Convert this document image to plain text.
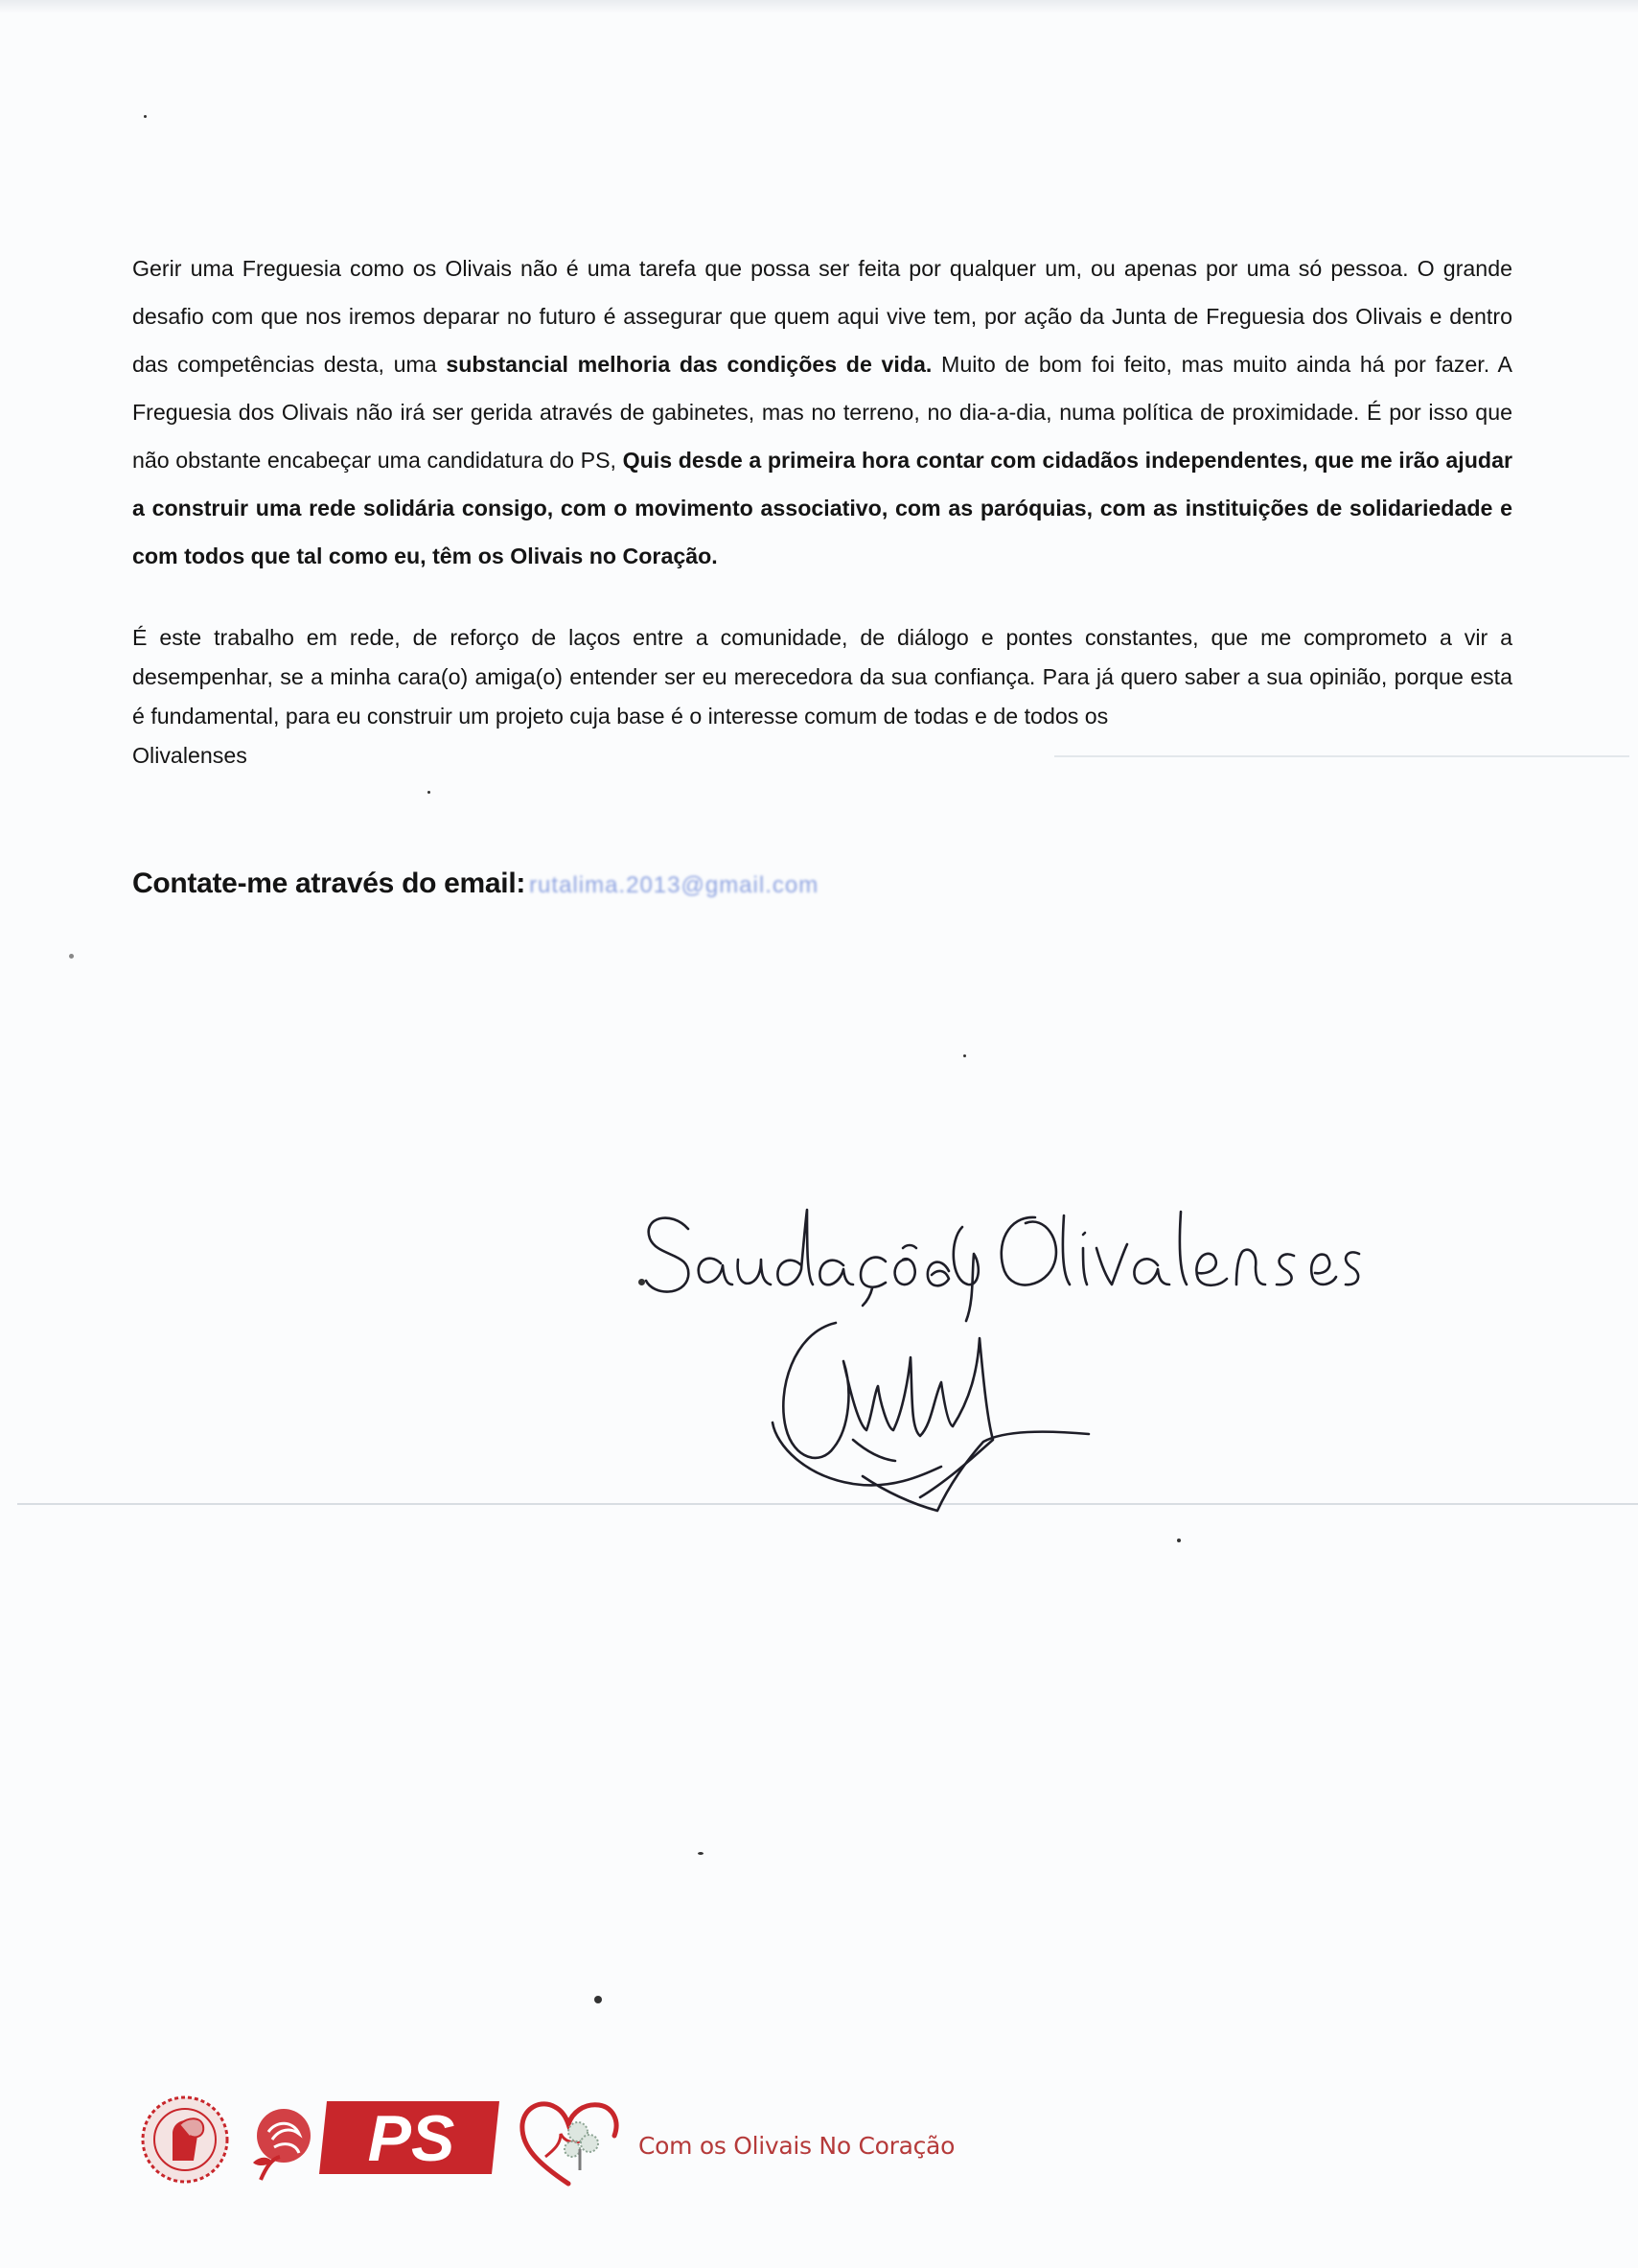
Gerir uma Freguesia como os Olivais não é uma tarefa que possa ser feita por qualquer um, ou apenas por uma só pessoa. O grande desafio com que nos iremos deparar no futuro é assegurar que quem aqui vive tem, por ação da Junta de Freguesia dos Olivais e dentro das competências desta, uma substancial melhoria das condições de vida. Muito de bom foi feito, mas muito ainda há por fazer. A Freguesia dos Olivais não irá ser gerida através de gabinetes, mas no terreno, no dia-a-dia, numa política de proximidade. É por isso que não obstante encabeçar uma candidatura do PS, Quis desde a primeira hora contar com cidadãos independentes, que me irão ajudar a construir uma rede solidária consigo, com o movimento associativo, com as paróquias, com as instituições de solidariedade e com todos que tal como eu, têm os Olivais no Coração.
É este trabalho em rede, de reforço de laços entre a comunidade, de diálogo e pontes constantes, que me comprometo a vir a desempenhar, se a minha cara(o) amiga(o) entender ser eu merecedora da sua confiança. Para já quero saber a sua opinião, porque esta é fundamental, para eu construir um projeto cuja base é o interesse comum de todas e de todos os
Olivalenses
Contate-me através do email: rutalima.2013@gmail.com
PS	Com os Olivais No Coração
